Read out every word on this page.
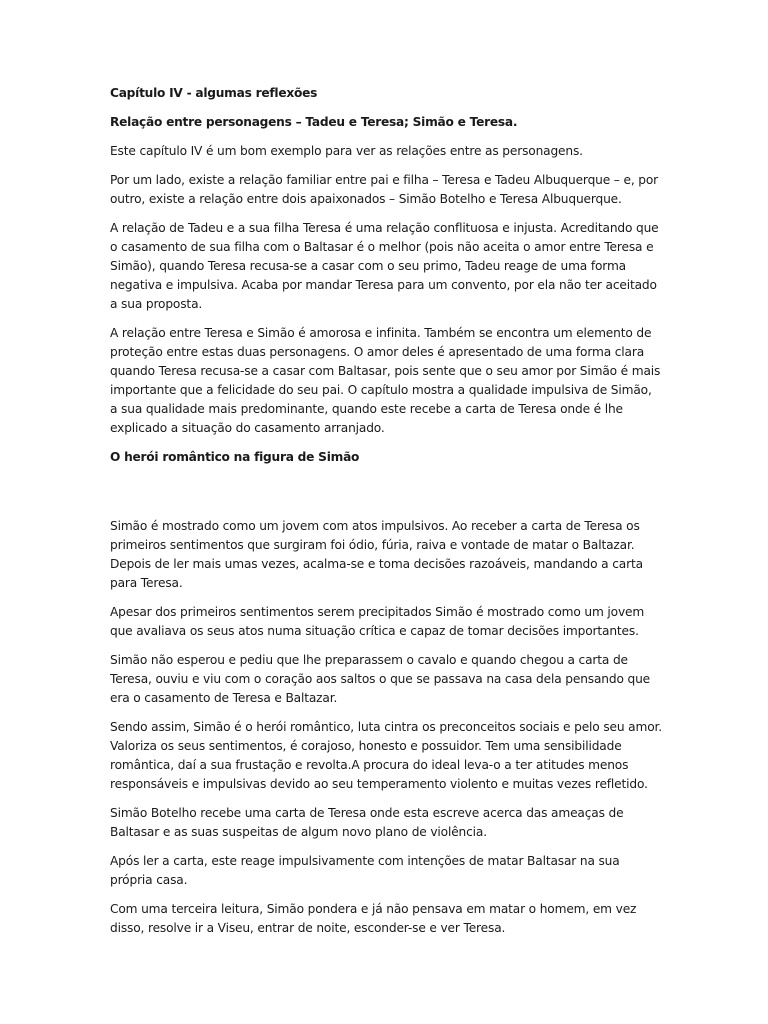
Capítulo IV - algumas reflexões

Relação entre personagens – Tadeu e Teresa; Simão e Teresa.

Este capítulo IV é um bom exemplo para ver as relações entre as personagens.

Por um lado, existe a relação familiar entre pai e filha – Teresa e Tadeu Albuquerque – e, por outro, existe a relação entre dois apaixonados – Simão Botelho e Teresa Albuquerque.

A relação de Tadeu e a sua filha Teresa é uma relação conflituosa e injusta. Acreditando que o casamento de sua filha com o Baltasar é o melhor (pois não aceita o amor entre Teresa e Simão), quando Teresa recusa-se a casar com o seu primo, Tadeu reage de uma forma negativa e impulsiva. Acaba por mandar Teresa para um convento, por ela não ter aceitado a sua proposta.

A relação entre Teresa e Simão é amorosa e infinita. Também se encontra um elemento de proteção entre estas duas personagens. O amor deles é apresentado de uma forma clara quando Teresa recusa-se a casar com Baltasar, pois sente que o seu amor por Simão é mais importante que a felicidade do seu pai. O capítulo mostra a qualidade impulsiva de Simão, a sua qualidade mais predominante, quando este recebe a carta de Teresa onde é lhe explicado a situação do casamento arranjado.

O herói romântico na figura de Simão

Simão é mostrado como um jovem com atos impulsivos. Ao receber a carta de Teresa os primeiros sentimentos que surgiram foi ódio, fúria, raiva e vontade de matar o Baltazar. Depois de ler mais umas vezes, acalma-se e toma decisões razoáveis, mandando a carta para Teresa.

Apesar dos primeiros sentimentos serem precipitados Simão é mostrado como um jovem que avaliava os seus atos numa situação crítica e capaz de tomar decisões importantes.

Simão não esperou e pediu que lhe preparassem o cavalo e quando chegou a carta de Teresa, ouviu e viu com o coração aos saltos o que se passava na casa dela pensando que era o casamento de Teresa e Baltazar.

Sendo assim, Simão é o herói romântico, luta cintra os preconceitos sociais e pelo seu amor. Valoriza os seus sentimentos, é corajoso, honesto e possuidor. Tem uma sensibilidade romântica, daí a sua frustação e revolta.A procura do ideal leva-o a ter atitudes menos responsáveis e impulsivas devido ao seu temperamento violento e muitas vezes refletido.

Simão Botelho recebe uma carta de Teresa onde esta escreve acerca das ameaças de Baltasar e as suas suspeitas de algum novo plano de violência.

Após ler a carta, este reage impulsivamente com intenções de matar Baltasar na sua própria casa.

Com uma terceira leitura, Simão pondera e já não pensava em matar o homem, em vez disso, resolve ir a Viseu, entrar de noite, esconder-se e ver Teresa.
